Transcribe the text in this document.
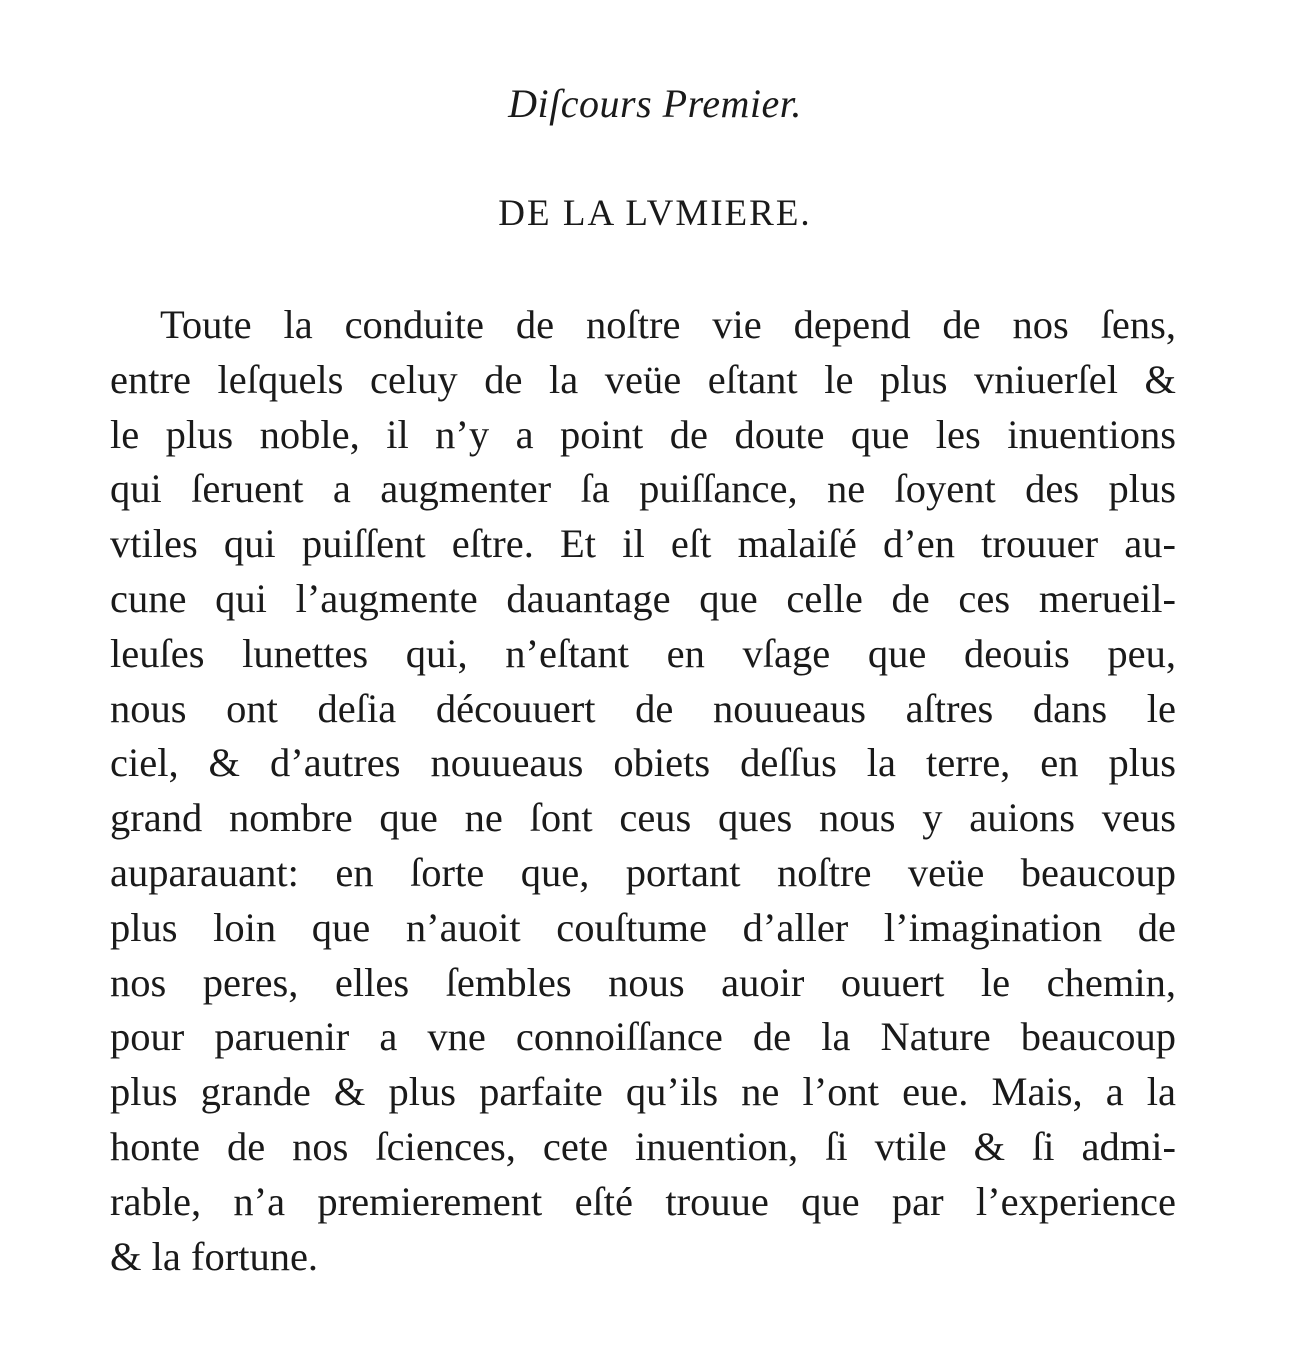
Diſcours Premier.
DE LA LVMIERE.
Toute la conduite de noſtre vie depend de nos ſens,
entre leſquels celuy de la veüe eſtant le plus vniuerſel &
le plus noble, il n’y a point de doute que les inuentions
qui ſeruent a augmenter ſa puiſſance, ne ſoyent des plus
vtiles qui puiſſent eſtre. Et il eſt malaiſé d’en trouuer au-
cune qui l’augmente dauantage que celle de ces merueil-
leuſes lunettes qui, n’eſtant en vſage que deouis peu,
nous ont deſia découuert de nouueaus aſtres dans le
ciel, & d’autres nouueaus obiets deſſus la terre, en plus
grand nombre que ne ſont ceus ques nous y auions veus
auparauant: en ſorte que, portant noſtre veüe beaucoup
plus loin que n’auoit couſtume d’aller l’imagination de
nos peres, elles ſembles nous auoir ouuert le chemin,
pour paruenir a vne connoiſſance de la Nature beaucoup
plus grande & plus parfaite qu’ils ne l’ont eue. Mais, a la
honte de nos ſciences, cete inuention, ſi vtile & ſi admi-
rable, n’a premierement eſté trouue que par l’experience
& la fortune.
